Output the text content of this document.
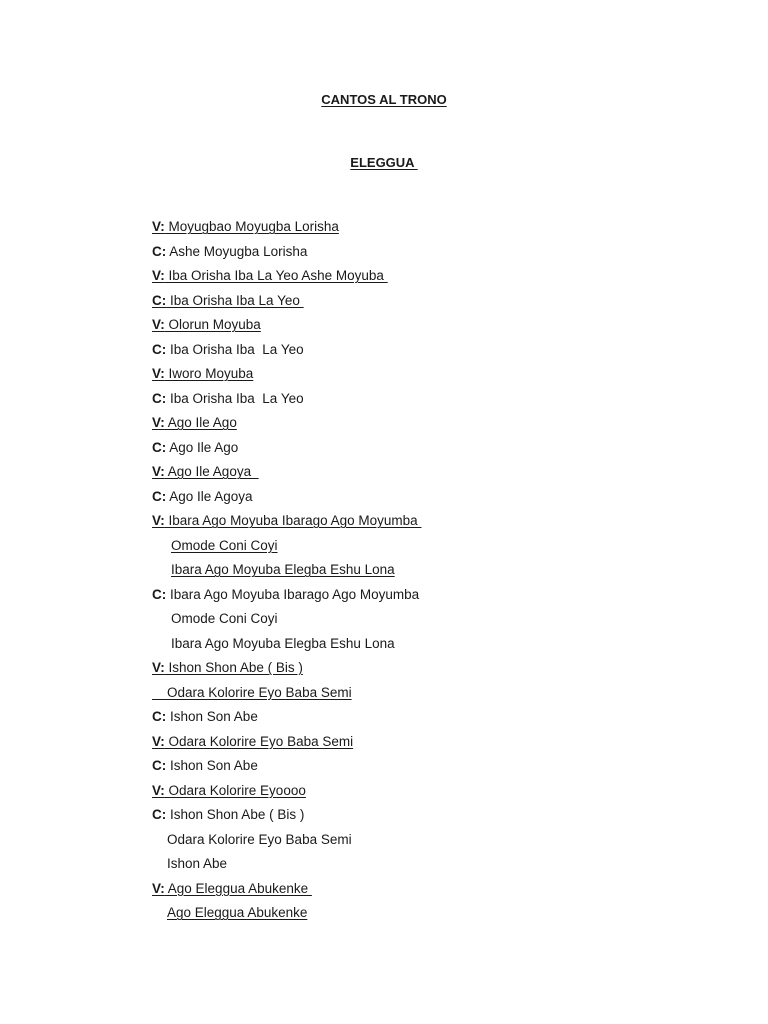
CANTOS AL TRONO
ELEGGUA
V: Moyugbao Moyugba Lorisha
C: Ashe Moyugba Lorisha
V: Iba Orisha Iba La Yeo Ashe Moyuba
C: Iba Orisha Iba La Yeo
V: Olorun Moyuba
C: Iba Orisha Iba  La Yeo
V: Iworo Moyuba
C: Iba Orisha Iba  La Yeo
V: Ago Ile Ago
C: Ago Ile Ago
V: Ago Ile Agoya
C: Ago Ile Agoya
V: Ibara Ago Moyuba Ibarago Ago Moyumba
Omode Coni Coyi
Ibara Ago Moyuba Elegba Eshu Lona
C: Ibara Ago Moyuba Ibarago Ago Moyumba
Omode Coni Coyi
Ibara Ago Moyuba Elegba Eshu Lona
V: Ishon Shon Abe ( Bis )
Odara Kolorire Eyo Baba Semi
C: Ishon Son Abe
V: Odara Kolorire Eyo Baba Semi
C: Ishon Son Abe
V: Odara Kolorire Eyoooo
C: Ishon Shon Abe ( Bis )
Odara Kolorire Eyo Baba Semi
Ishon Abe
V: Ago Eleggua Abukenke
Ago Eleggua Abukenke
